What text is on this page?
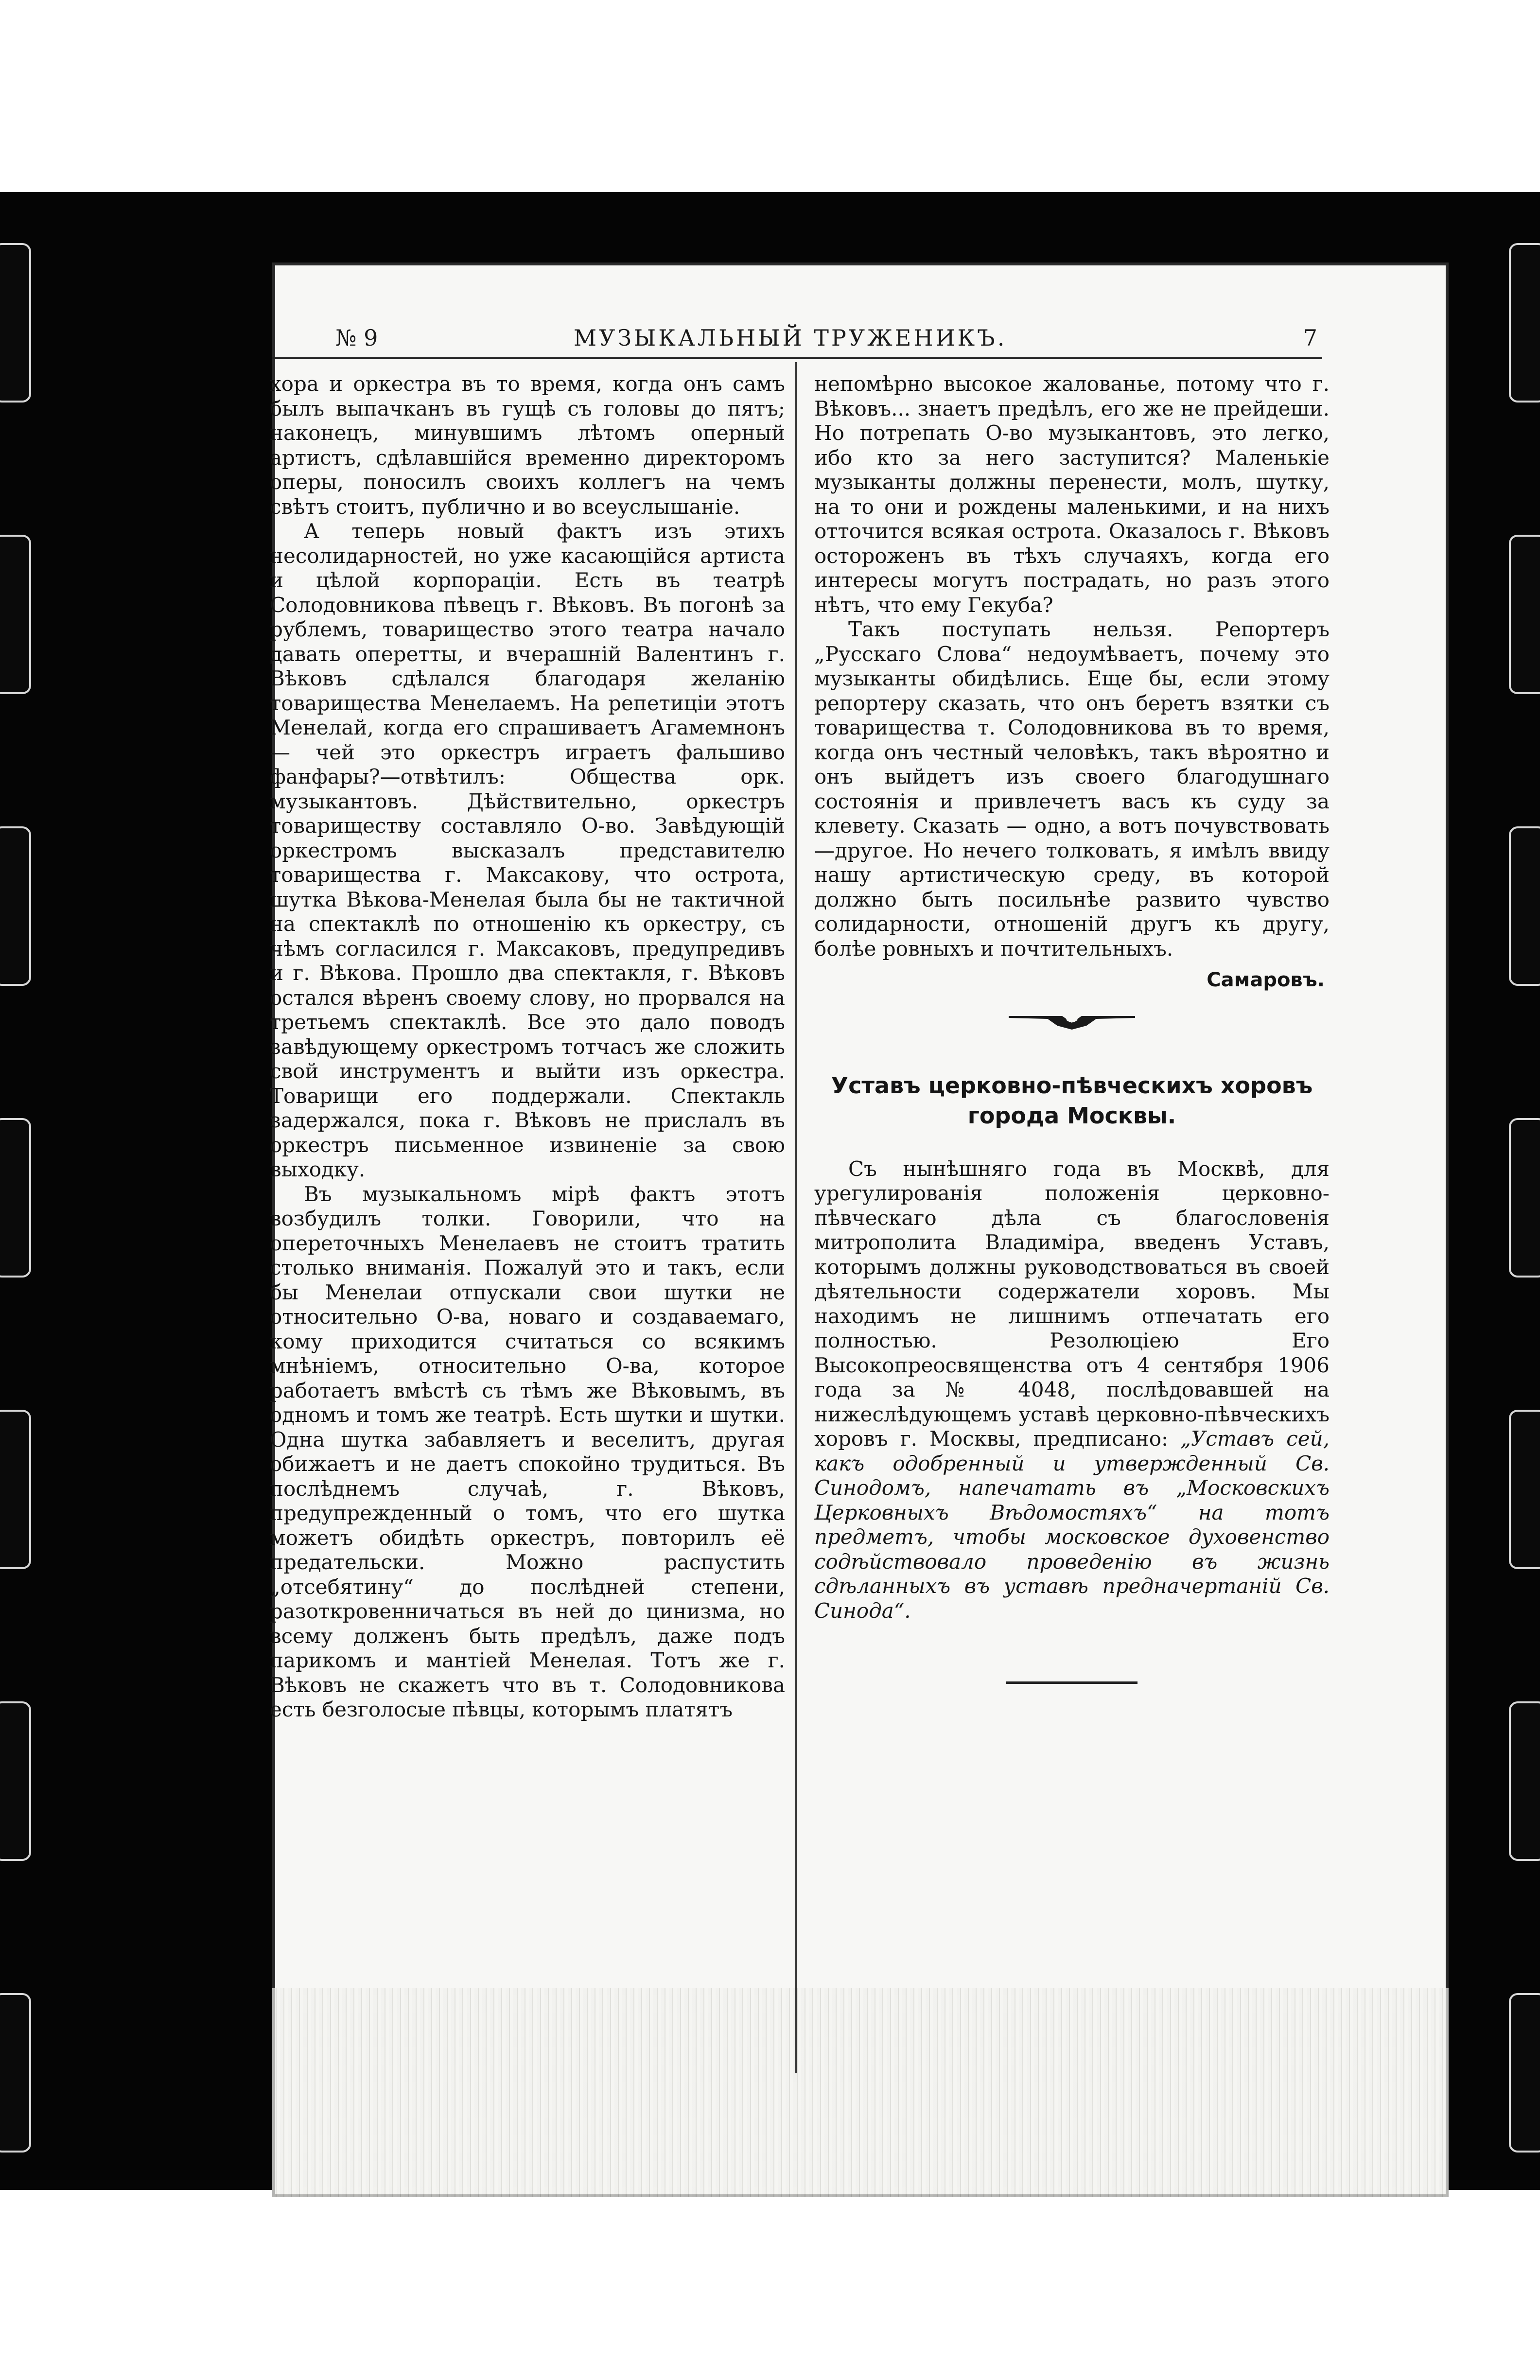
№ 9	МУЗЫКАЛЬНЫЙ ТРУЖЕНИКЪ.	7

хора и оркестра въ то время, когда онъ самъ былъ выпачканъ въ гущѣ съ головы до пятъ; наконецъ, минувшимъ лѣтомъ оперный артистъ, сдѣлавшійся временно директоромъ оперы, поносилъ своихъ коллегъ на чемъ свѣтъ стоитъ, публично и во всеуслышаніе.

А теперь новый фактъ изъ этихъ несолидарностей, но уже касающійся артиста и цѣлой корпораціи. Есть въ театрѣ Солодовникова пѣвецъ г. Вѣковъ. Въ погонѣ за рублемъ, товарищество этого театра начало давать оперетты, и вчерашній Валентинъ г. Вѣковъ сдѣлался благодаря желанію товарищества Менелаемъ. На репетиціи этотъ Менелай, когда его спрашиваетъ Агамемнонъ — чей это оркестръ играетъ фальшиво фанфары?—отвѣтилъ: Общества орк. музыкантовъ. Дѣйствительно, оркестръ товариществу составляло О-во. Завѣдующій оркестромъ высказалъ представителю товарищества г. Максакову, что острота, шутка Вѣкова-Менелая была бы не тактичной на спектаклѣ по отношенію къ оркестру, съ чѣмъ согласился г. Максаковъ, предупредивъ и г. Вѣкова. Прошло два спектакля, г. Вѣковъ остался вѣренъ своему слову, но прорвался на третьемъ спектаклѣ. Все это дало поводъ завѣдующему оркестромъ тотчасъ же сложить свой инструментъ и выйти изъ оркестра. Товарищи его поддержали. Спектакль задержался, пока г. Вѣковъ не прислалъ въ оркестръ письменное извиненіе за свою выходку.

Въ музыкальномъ мірѣ фактъ этотъ возбудилъ толки. Говорили, что на опереточныхъ Менелаевъ не стоитъ тратить столько вниманія. Пожалуй это и такъ, если бы Менелаи отпускали свои шутки не относительно О-ва, новаго и создаваемаго, кому приходится считаться со всякимъ мнѣніемъ, относительно О-ва, которое работаетъ вмѣстѣ съ тѣмъ же Вѣковымъ, въ одномъ и томъ же театрѣ. Есть шутки и шутки. Одна шутка забавляетъ и веселитъ, другая обижаетъ и не даетъ спокойно трудиться. Въ послѣднемъ случаѣ, г. Вѣковъ, предупрежденный о томъ, что его шутка можетъ обидѣть оркестръ, повторилъ её предательски. Можно распустить „отсебятину“ до послѣдней степени, разоткровенничаться въ ней до цинизма, но всему долженъ быть предѣлъ, даже подъ парикомъ и мантіей Менелая. Тотъ же г. Вѣковъ не скажетъ что въ т. Солодовникова есть безголосые пѣвцы, которымъ платятъ

непомѣрно высокое жалованье, потому что г. Вѣковъ... знаетъ предѣлъ, его же не прейдеши. Но потрепать О-во музыкантовъ, это легко, ибо кто за него заступится? Маленькіе музыканты должны перенести, молъ, шутку, на то они и рождены маленькими, и на нихъ отточится всякая острота. Оказалось г. Вѣковъ остороженъ въ тѣхъ случаяхъ, когда его интересы могутъ пострадать, но разъ этого нѣтъ, что ему Гекуба?

Такъ поступать нельзя. Репортеръ „Русскаго Слова“ недоумѣваетъ, почему это музыканты обидѣлись. Еще бы, если этому репортеру сказать, что онъ беретъ взятки съ товарищества т. Солодовникова въ то время, когда онъ честный человѣкъ, такъ вѣроятно и онъ выйдетъ изъ своего благодушнаго состоянія и привлечетъ васъ къ суду за клевету. Сказать — одно, а вотъ почувствовать—другое. Но нечего толковать, я имѣлъ ввиду нашу артистическую среду, въ которой должно быть посильнѣе развито чувство солидарности, отношеній другъ къ другу, болѣе ровныхъ и почтительныхъ.

Самаровъ.
Уставъ церковно-пѣвческихъ хоровъ
города Москвы.

Съ нынѣшняго года въ Москвѣ, для урегулированія положенія церковно-пѣвческаго дѣла съ благословенія митрополита Владиміра, введенъ Уставъ, которымъ должны руководствоваться въ своей дѣятельности содержатели хоровъ. Мы находимъ не лишнимъ отпечатать его полностью. Резолюціею Его Высокопреосвященства отъ 4 сентября 1906 года за № 4048, послѣдовавшей на нижеслѣдующемъ уставѣ церковно-пѣвческихъ хоровъ г. Москвы, предписано: „Уставъ сей, какъ одобренный и утвержденный Св. Синодомъ, напечатать въ „Московскихъ Церковныхъ Вѣдомостяхъ“ на тотъ предметъ, чтобы московское духовенство содѣйствовало проведенію въ жизнь сдѣланныхъ въ уставѣ предначертаній Св. Синода“.
